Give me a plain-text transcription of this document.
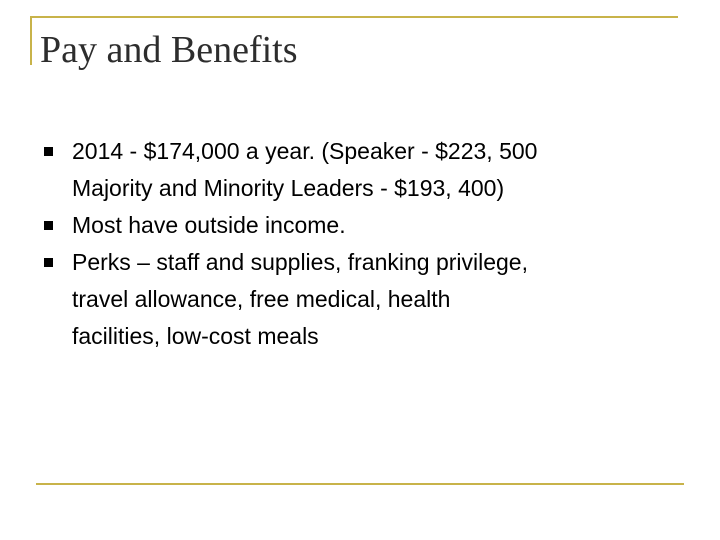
Pay and Benefits
2014 - $174,000 a year. (Speaker - $223, 500
Majority and Minority Leaders - $193, 400)
Most have outside income.
Perks – staff and supplies, franking privilege,
travel allowance, free medical, health
facilities, low-cost meals
